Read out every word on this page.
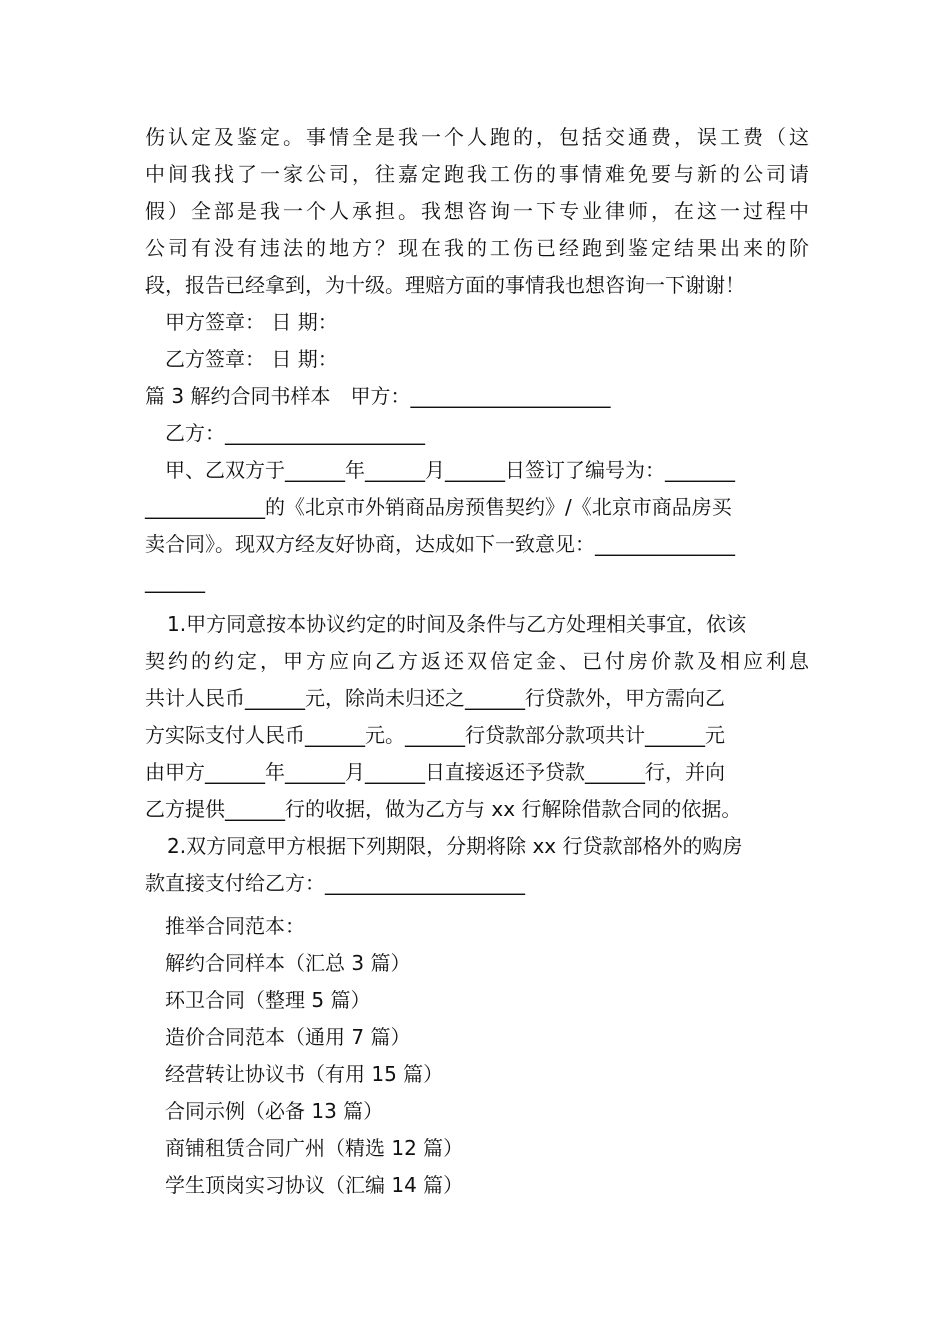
伤认定及鉴定。事情全是我一个人跑的，包括交通费，误工费（这
中间我找了一家公司，往嘉定跑我工伤的事情难免要与新的公司请
假）全部是我一个人承担。我想咨询一下专业律师，在这一过程中
公司有没有违法的地方？现在我的工伤已经跑到鉴定结果出来的阶
段，报告已经拿到，为十级。理赔方面的事情我也想咨询一下谢谢！
甲方签章： 日 期：
乙方签章： 日 期：
篇 3 解约合同书样本　甲方：____________________
乙方：____________________
甲、乙双方于______年______月______日签订了编号为：_______
____________的《北京市外销商品房预售契约》/《北京市商品房买
卖合同》。现双方经友好协商，达成如下一致意见：______________
______
1.甲方同意按本协议约定的时间及条件与乙方处理相关事宜，依该
契约的约定，甲方应向乙方返还双倍定金、已付房价款及相应利息
共计人民币______元，除尚未归还之______行贷款外，甲方需向乙
方实际支付人民币______元。______行贷款部分款项共计______元
由甲方______年______月______日直接返还予贷款______行，并向
乙方提供______行的收据，做为乙方与 xx 行解除借款合同的依据。
2.双方同意甲方根据下列期限，分期将除 xx 行贷款部格外的购房
款直接支付给乙方：____________________
推举合同范本：
解约合同样本（汇总 3 篇）
环卫合同（整理 5 篇）
造价合同范本（通用 7 篇）
经营转让协议书（有用 15 篇）
合同示例（必备 13 篇）
商铺租赁合同广州（精选 12 篇）
学生顶岗实习协议（汇编 14 篇）
